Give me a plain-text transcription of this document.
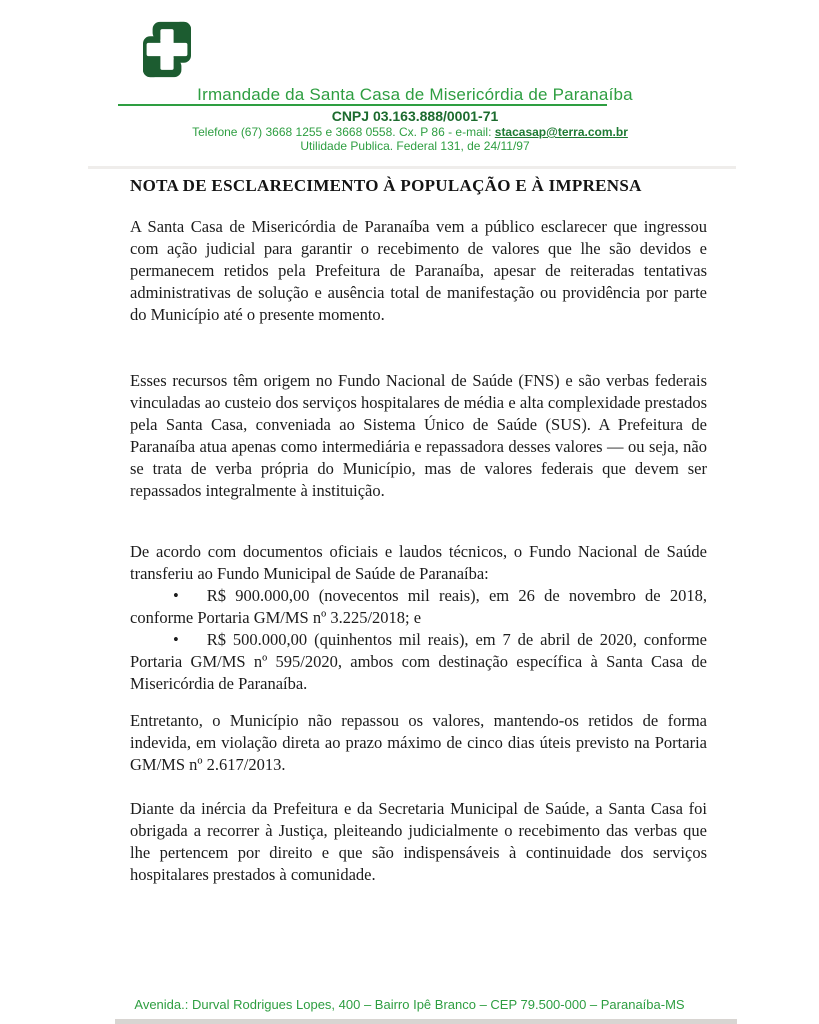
Irmandade da Santa Casa de Misericórdia de Paranaíba
CNPJ 03.163.888/0001-71
Telefone (67) 3668 1255 e 3668 0558. Cx. P 86 - e-mail: stacasap@terra.com.br
Utilidade Publica. Federal 131, de 24/11/97
NOTA DE ESCLARECIMENTO À POPULAÇÃO E À IMPRENSA

A Santa Casa de Misericórdia de Paranaíba vem a público esclarecer que ingressou com ação judicial para garantir o recebimento de valores que lhe são devidos e permanecem retidos pela Prefeitura de Paranaíba, apesar de reiteradas tentativas administrativas de solução e ausência total de manifestação ou providência por parte do Município até o presente momento.

Esses recursos têm origem no Fundo Nacional de Saúde (FNS) e são verbas federais vinculadas ao custeio dos serviços hospitalares de média e alta complexidade prestados pela Santa Casa, conveniada ao Sistema Único de Saúde (SUS). A Prefeitura de Paranaíba atua apenas como intermediária e repassadora desses valores — ou seja, não se trata de verba própria do Município, mas de valores federais que devem ser repassados integralmente à instituição.

De acordo com documentos oficiais e laudos técnicos, o Fundo Nacional de Saúde transferiu ao Fundo Municipal de Saúde de Paranaíba:

• R$ 900.000,00 (novecentos mil reais), em 26 de novembro de 2018, conforme Portaria GM/MS nº 3.225/2018; e

• R$ 500.000,00 (quinhentos mil reais), em 7 de abril de 2020, conforme Portaria GM/MS nº 595/2020, ambos com destinação específica à Santa Casa de Misericórdia de Paranaíba.

Entretanto, o Município não repassou os valores, mantendo-os retidos de forma indevida, em violação direta ao prazo máximo de cinco dias úteis previsto na Portaria GM/MS nº 2.617/2013.

Diante da inércia da Prefeitura e da Secretaria Municipal de Saúde, a Santa Casa foi obrigada a recorrer à Justiça, pleiteando judicialmente o recebimento das verbas que lhe pertencem por direito e que são indispensáveis à continuidade dos serviços hospitalares prestados à comunidade.

Avenida.: Durval Rodrigues Lopes, 400 – Bairro Ipê Branco – CEP 79.500-000 – Paranaíba-MS
